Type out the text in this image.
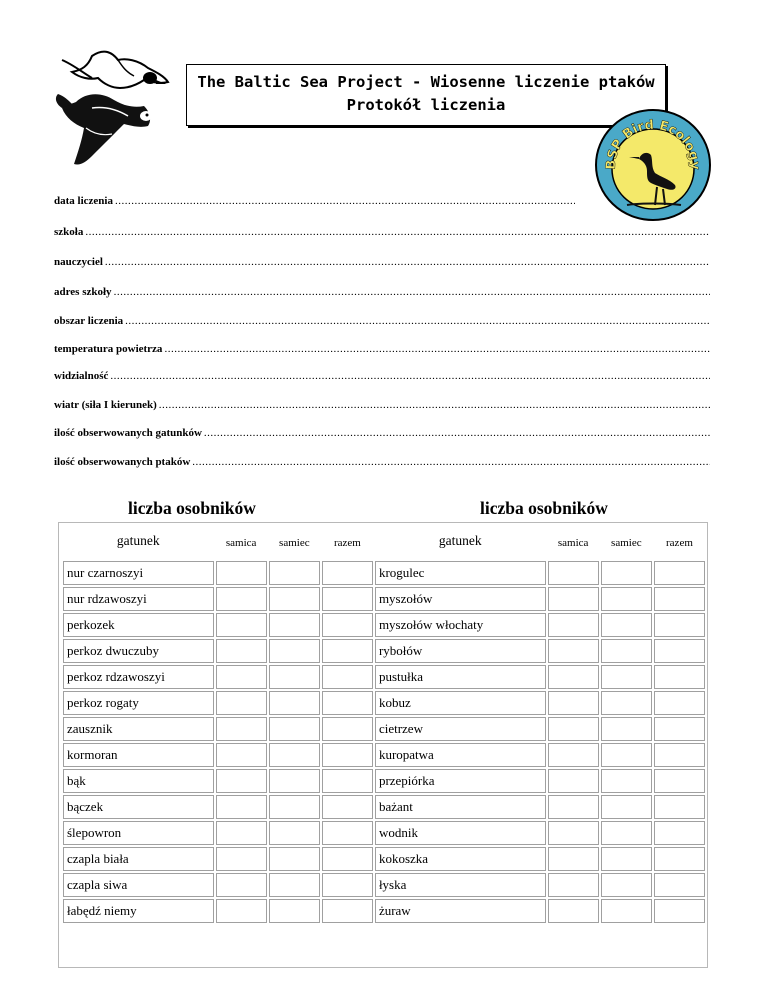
The Baltic Sea Project - Wiosenne liczenie ptaków
Protokół liczenia
BSP Bird Ecology
data liczenia
.....
szkoła
.....
nauczyciel
.....
adres szkoły
.....
obszar liczenia
.....
temperatura powietrza
.....
widzialność
.....
wiatr (siła I kierunek)
.....
ilość obserwowanych gatunków
.....
ilość obserwowanych ptaków
.....
liczba osobników	liczba osobników
gatunek	samica	samiec	razem	gatunek	samica	samiec	razem
nur czarnoszyi				krogulec			
nur rdzawoszyi				myszołów			
perkozek				myszołów włochaty			
perkoz dwuczuby				rybołów			
perkoz rdzawoszyi				pustułka			
perkoz rogaty				kobuz			
zausznik				cietrzew			
kormoran				kuropatwa			
bąk				przepiórka			
bączek				bażant			
ślepowron				wodnik			
czapla biała				kokoszka			
czapla siwa				łyska			
łabędź niemy				żuraw			
